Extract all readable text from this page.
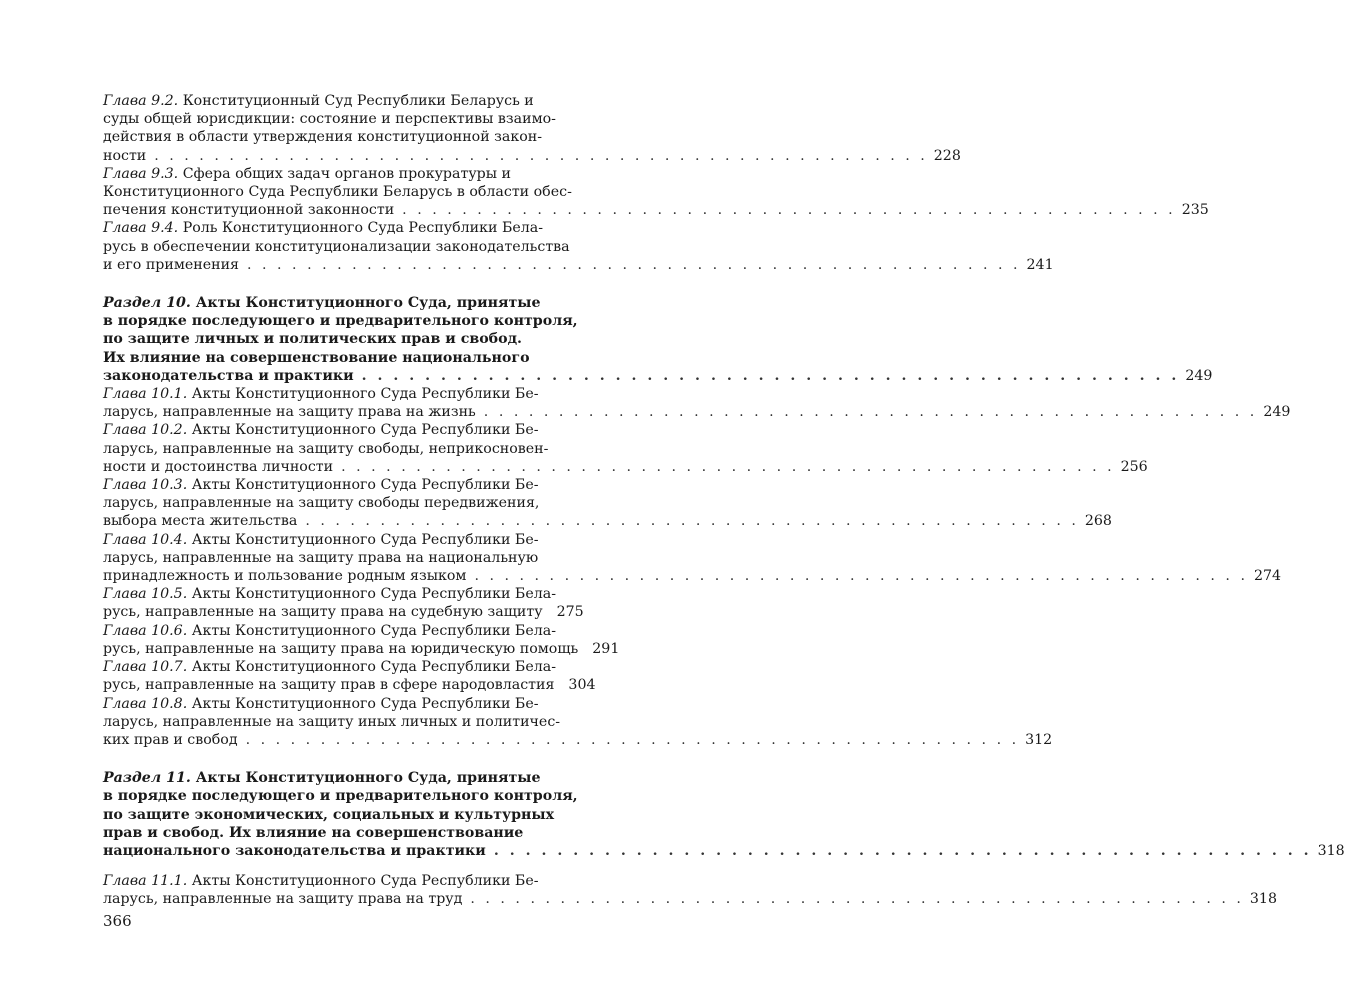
Глава 9.2. Конституционный Суд Республики Беларусь и
суды общей юрисдикции: состояние и перспективы взаимо-
действия в области утверждения конституционной закон-
ности . . . . . . . . . . . . . . . . . . . . . . . . . . . . . . . . . . . . . . . . . . . . . . . . . . . . 228
Глава 9.3. Сфера общих задач органов прокуратуры и
Конституционного Суда Республики Беларусь в области обес-
печения конституционной законности . . . . . . . . . . . . . . . . . . . . . . . . . . . . . . . . . . . . . . . . . . . . . . . . . . . . 235
Глава 9.4. Роль Конституционного Суда Республики Бела-
русь в обеспечении конституционализации законодательства
и его применения . . . . . . . . . . . . . . . . . . . . . . . . . . . . . . . . . . . . . . . . . . . . . . . . . . . . 241
Раздел 10. Акты Конституционного Суда, принятые
в порядке последующего и предварительного контроля,
по защите личных и политических прав и свобод.
Их влияние на совершенствование национального
законодательства и практики . . . . . . . . . . . . . . . . . . . . . . . . . . . . . . . . . . . . . . . . . . . . . . . . . . . . 249
Глава 10.1. Акты Конституционного Суда Республики Бе-
ларусь, направленные на защиту права на жизнь . . . . . . . . . . . . . . . . . . . . . . . . . . . . . . . . . . . . . . . . . . . . . . . . . . . . 249
Глава 10.2. Акты Конституционного Суда Республики Бе-
ларусь, направленные на защиту свободы, неприкосновен-
ности и достоинства личности . . . . . . . . . . . . . . . . . . . . . . . . . . . . . . . . . . . . . . . . . . . . . . . . . . . . 256
Глава 10.3. Акты Конституционного Суда Республики Бе-
ларусь, направленные на защиту свободы передвижения,
выбора места жительства . . . . . . . . . . . . . . . . . . . . . . . . . . . . . . . . . . . . . . . . . . . . . . . . . . . . 268
Глава 10.4. Акты Конституционного Суда Республики Бе-
ларусь, направленные на защиту права на национальную
принадлежность и пользование родным языком . . . . . . . . . . . . . . . . . . . . . . . . . . . . . . . . . . . . . . . . . . . . . . . . . . . . 274
Глава 10.5. Акты Конституционного Суда Республики Бела-
русь, направленные на защиту права на судебную защиту 275
Глава 10.6. Акты Конституционного Суда Республики Бела-
русь, направленные на защиту права на юридическую помощь 291
Глава 10.7. Акты Конституционного Суда Республики Белa-
русь, направленные на защиту прав в сфере народовластия 304
Глава 10.8. Акты Конституционного Суда Республики Бе-
ларусь, направленные на защиту иных личных и политичес-
ких прав и свобод . . . . . . . . . . . . . . . . . . . . . . . . . . . . . . . . . . . . . . . . . . . . . . . . . . . . 312
Раздел 11. Акты Конституционного Суда, принятые
в порядке последующего и предварительного контроля,
по защите экономических, социальных и культурных
прав и свобод. Их влияние на совершенствование
национального законодательства и практики . . . . . . . . . . . . . . . . . . . . . . . . . . . . . . . . . . . . . . . . . . . . . . . . . . . . 318
Глава 11.1. Акты Конституционного Суда Республики Бе-
ларусь, направленные на защиту права на труд . . . . . . . . . . . . . . . . . . . . . . . . . . . . . . . . . . . . . . . . . . . . . . . . . . . . 318
366
